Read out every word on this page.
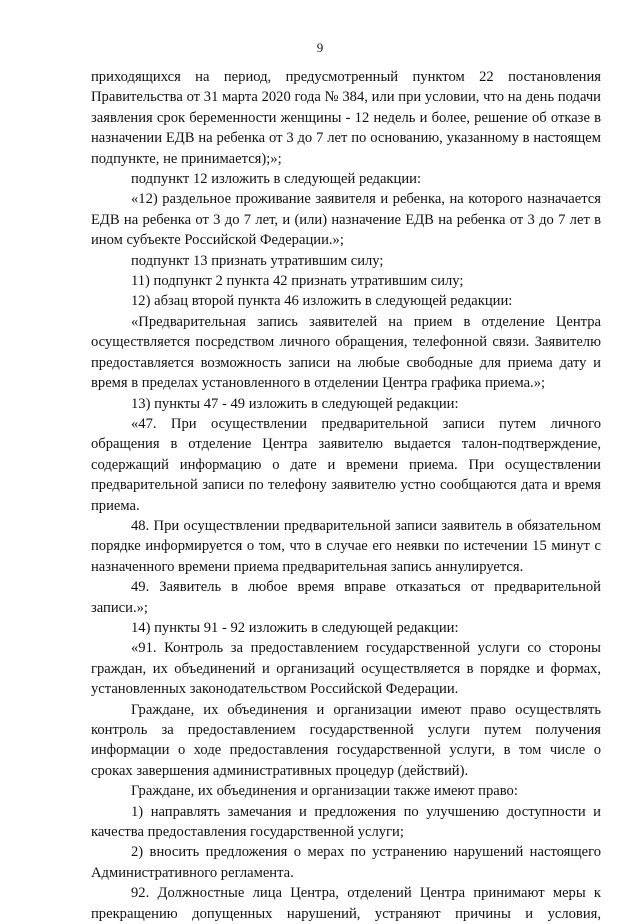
9

приходящихся на период, предусмотренный пунктом 22 постановления Правительства от 31 марта 2020 года № 384, или при условии, что на день подачи заявления срок беременности женщины - 12 недель и более, решение об отказе в назначении ЕДВ на ребенка от 3 до 7 лет по основанию, указанному в настоящем подпункте, не принимается);»;

подпункт 12 изложить в следующей редакции:

«12) раздельное проживание заявителя и ребенка, на которого назначается ЕДВ на ребенка от 3 до 7 лет, и (или) назначение ЕДВ на ребенка от 3 до 7 лет в ином субъекте Российской Федерации.»;

подпункт 13 признать утратившим силу;

11) подпункт 2 пункта 42 признать утратившим силу;

12) абзац второй пункта 46 изложить в следующей редакции:

«Предварительная запись заявителей на прием в отделение Центра осуществляется посредством личного обращения, телефонной связи. Заявителю предоставляется возможность записи на любые свободные для приема дату и время в пределах установленного в отделении Центра графика приема.»;

13) пункты 47 - 49 изложить в следующей редакции:

«47. При осуществлении предварительной записи путем личного обращения в отделение Центра заявителю выдается талон-подтверждение, содержащий информацию о дате и времени приема. При осуществлении предварительной записи по телефону заявителю устно сообщаются дата и время приема.

48. При осуществлении предварительной записи заявитель в обязательном порядке информируется о том, что в случае его неявки по истечении 15 минут с назначенного времени приема предварительная запись аннулируется.

49. Заявитель в любое время вправе отказаться от предварительной записи.»;

14) пункты 91 - 92 изложить в следующей редакции:

«91. Контроль за предоставлением государственной услуги со стороны граждан, их объединений и организаций осуществляется в порядке и формах, установленных законодательством Российской Федерации.

Граждане, их объединения и организации имеют право осуществлять контроль за предоставлением государственной услуги путем получения информации о ходе предоставления государственной услуги, в том числе о сроках завершения административных процедур (действий).

Граждане, их объединения и организации также имеют право:

1) направлять замечания и предложения по улучшению доступности и качества предоставления государственной услуги;

2) вносить предложения о мерах по устранению нарушений настоящего Административного регламента.

92. Должностные лица Центра, отделений Центра принимают меры к прекращению допущенных нарушений, устраняют причины и условия,
